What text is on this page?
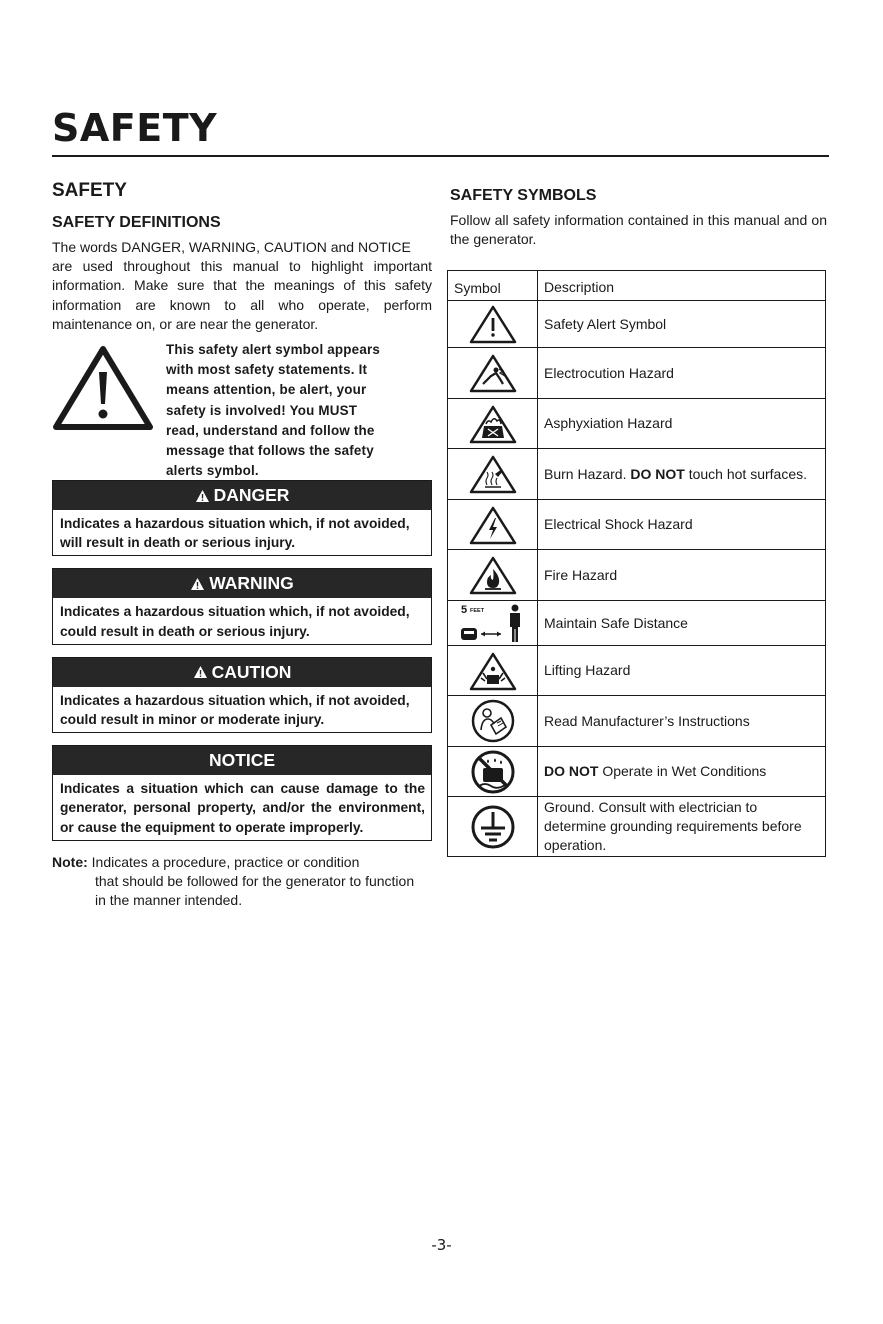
SAFETY
SAFETY
SAFETY DEFINITIONS
The words DANGER, WARNING, CAUTION and NOTICE
are used throughout this manual to highlight important information. Make sure that the meanings of this safety information are known to all who operate, perform
maintenance on, or are near the generator.
This safety alert symbol appears
with most safety statements. It
means attention, be alert, your
safety is involved! You MUST
read, understand and follow the
message that follows the safety
alerts symbol.
DANGER
Indicates a hazardous situation which, if not avoided, will result in death or serious injury.
WARNING
Indicates a hazardous situation which, if not avoided, could result in death or serious injury.
CAUTION
Indicates a hazardous situation which, if not avoided, could result in minor or moderate injury.
NOTICE
Indicates a situation which can cause damage to the generator, personal property, and/or the environment, or cause the equipment to operate improperly.
Note: Indicates a procedure, practice or condition
that should be followed for the generator to function
in the manner intended.
SAFETY SYMBOLS
Follow all safety information contained in this manual and on the generator.
Symbol	Description

	Safety Alert Symbol

	Electrocution Hazard

	Asphyxiation Hazard

	Burn Hazard. DO NOT touch hot surfaces.

	Electrical Shock Hazard

	Fire Hazard

5 FEET	Maintain Safe Distance

	Lifting Hazard

	Read Manufacturer’s Instructions

	DO NOT Operate in Wet Conditions

	Ground. Consult with electrician to determine grounding requirements before operation.
-3-
